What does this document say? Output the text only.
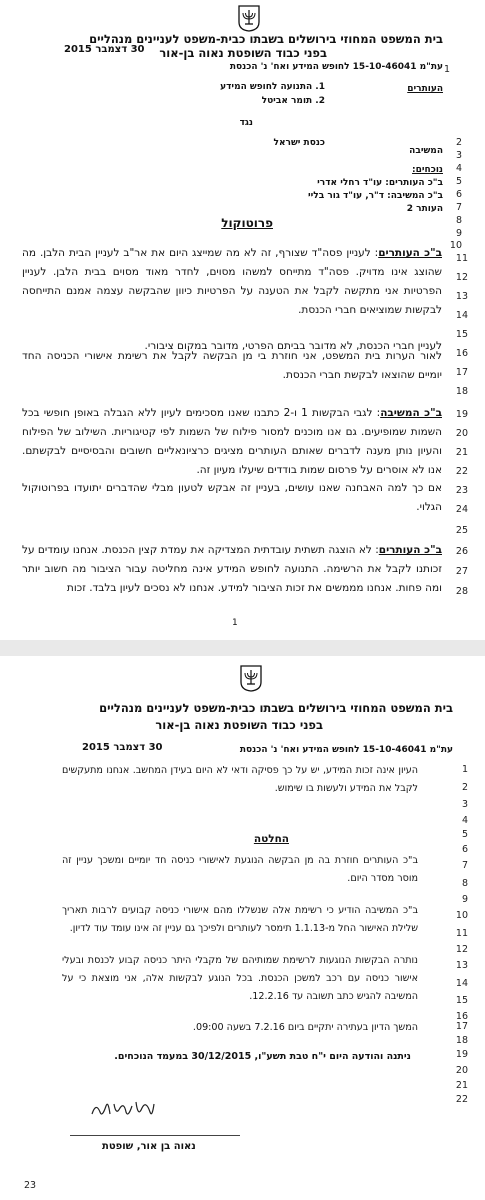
בית המשפט המחוזי בירושלים בשבתו כבית-משפט לעניינים מנהליים
בפני כבוד השופטת נאוה בן-אור
30 דצמבר 2015
עת"מ 15-10-46041 לחופש המידע ואח' נ' הכנסת
העותרים
1. התנועה לחופש המידע
2. תומר אביטל
נגד
המשיבה
כנסת ישראל
נוכחים:
ב"כ העותרים: עו"ד רחלי אדרי
ב"כ המשיבה: ד"ר, עו"ד גור בליי
העותר 2
פרוטוקול
ב"כ העותרים: לעניין פסה"ד שצורף, זה לא מה שמייצג היום את אר"ב לעניין הבית הלבן. מה שהוצג אינו מדויק. פסה"ד מתייחס למשהו מסוים, לחדר מאוד מסוים בבית הלבן. לעניין הפרטיות אני מתקשה לקבל את הטענה על הפרטיות כיוון שהבקשה עצמה אמנם התייחסה לבקשות שמוציאים חברי הכנסת.
לעניין חברי הכנסת, לא מדובר בביתם הפרטי, מדובר במקום ציבורי.
לאור הערות בית המשפט, אני חוזרת בי מן הבקשה לקבל את רשימת אישורי הכניסה החד יומיים שהוצאו לבקשת חברי הכנסת.
ב"כ המשיבה: לגבי הבקשות 1 ו-2 כתבנו שאנו מסכימים לעיון ללא הגבלה באופן חופשי בכל השמות שמופיעים. גם אנו מוכנים למסור פילוח של השמות לפי קטיגוריות. השילוב של הפילוח והעיון נותן מענה לדברים שאותם העותרים מציגים כרציונאליים חשובים והבסיסיים לבקשתם. אנו לא אוסרים על פרסום שמות בודדים שיעלו מעיון זה.
אם כך למה האבחנה שאנו עושים, בעניין זה אבקש לטעון מבלי שהדברים יתועדו בפרוטוקול הגלוי.
ב"כ העותרים: לא הוצגה תשתית עובדתית המצדיקה את עמדת קצין הכנסת. אנחנו עומדים על זכותנו לקבל את הרשימה. התנועה לחופש המידע אינה מחליטה עבור הציבור מה חשוב יותר ומה פחות. אנחנו מממשים את זכות הציבור למידע. אנחנו לא נסכים לעיון בלבד. זכות
1
2
3
4
5
6
7
8
9
10
11
12
13
14
15
16
17
18
19
20
21
22
23
24
25
26
27
28
1
בית המשפט המחוזי בירושלים בשבתו כבית-משפט לעניינים מנהליים
בפני כבוד השופטת נאוה בן-אור
30 דצמבר 2015	עת"מ 15-10-46041 לחופש המידע ואח' נ' הכנסת
העיון אינה זכות המידע, יש על כך פסיקה ודאי לא היום בעידן המחשב. אנחנו מתעקשים לקבל את המידע ולעשות בו שימוש.
החלטה
ב"כ העותרים חוזרת בה מן הבקשה הנוגעת לאישורי כניסה חד יומיים ומשכך עניין זה מוסר מסדר היום.
ב"כ המשיבה הודיע כי רשימת אלה שנשללו מהם אישורי כניסה קבועים לרבות תאריך שלילת האישור החל מ-1.1.13 תימסר לעותרים ולפיכך גם עניין זה אינו עומד עוד לדיון.
נותרה הבקשות הנוגעות לרשימת שמותיהם של מקבלי היתר כניסה קבוע לכנסת ובעלי אישור כניסה עם רכב למשכן הכנסת. בכל הנוגע לבקשות אלה, אני מוצאת כי על המשיבה להגיש כתב תשובה עד 12.2.16.
המשך הדיון בעתירה יתקיים ביום 7.2.16 בשעה 09:00.
ניתנה והודעה היום י"ח טבת תשע"ו, 30/12/2015 במעמד הנוכחים.
נאוה בן אור, שופטת
1
2
3
4
5
6
7
8
9
10
11
12
13
14
15
16
17
18
19
20
21
22
23
